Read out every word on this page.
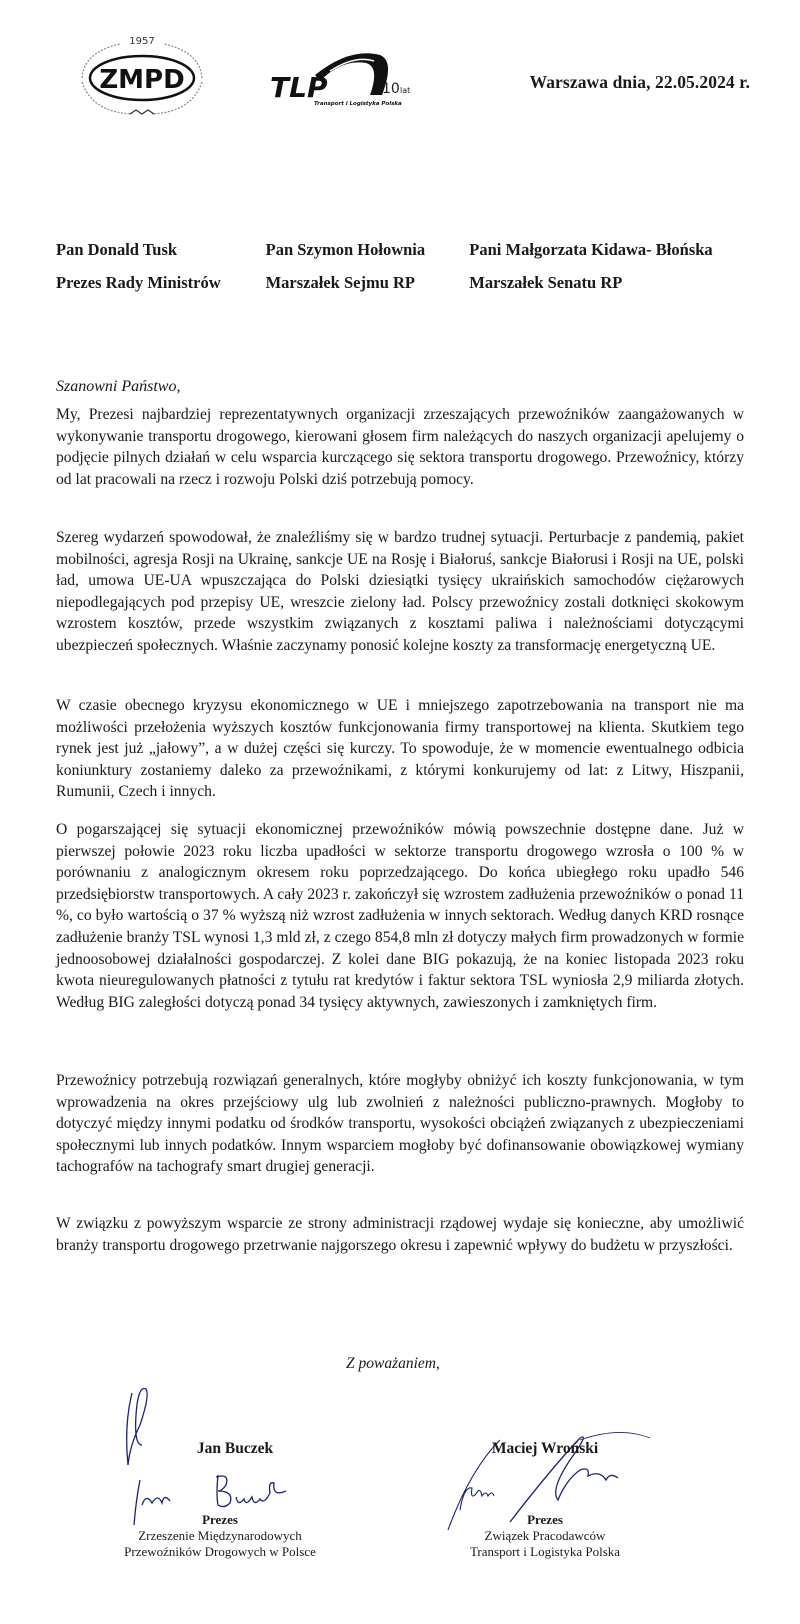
1957
ZMPD	TLP	10 lat
Transport i Logistyka Polska
Warszawa dnia, 22.05.2024 r.
Pan Donald Tusk
Prezes Rady Ministrów
Pan Szymon Hołownia
Marszałek Sejmu RP
Pani Małgorzata Kidawa- Błońska
Marszałek Senatu RP
Szanowni Państwo,

My, Prezesi najbardziej reprezentatywnych organizacji zrzeszających przewoźników zaangażowanych w wykonywanie transportu drogowego, kierowani głosem firm należących do naszych organizacji apelujemy o podjęcie pilnych działań w celu wsparcia kurczącego się sektora transportu drogowego. Przewoźnicy, którzy od lat pracowali na rzecz i rozwoju Polski dziś potrzebują pomocy.

Szereg wydarzeń spowodował, że znaleźliśmy się w bardzo trudnej sytuacji. Perturbacje z pandemią, pakiet mobilności, agresja Rosji na Ukrainę, sankcje UE na Rosję i Białoruś, sankcje Białorusi i Rosji na UE, polski ład, umowa UE-UA wpuszczająca do Polski dziesiątki tysięcy ukraińskich samochodów ciężarowych niepodlegających pod przepisy UE, wreszcie zielony ład. Polscy przewoźnicy zostali dotknięci skokowym wzrostem kosztów, przede wszystkim związanych z kosztami paliwa i należnościami dotyczącymi ubezpieczeń społecznych. Właśnie zaczynamy ponosić kolejne koszty za transformację energetyczną UE.

W czasie obecnego kryzysu ekonomicznego w UE i mniejszego zapotrzebowania na transport nie ma możliwości przełożenia wyższych kosztów funkcjonowania firmy transportowej na klienta. Skutkiem tego rynek jest już „jałowy”, a w dużej części się kurczy. To spowoduje, że w momencie ewentualnego odbicia koniunktury zostaniemy daleko za przewoźnikami, z którymi konkurujemy od lat: z Litwy, Hiszpanii, Rumunii, Czech i innych.

O pogarszającej się sytuacji ekonomicznej przewoźników mówią powszechnie dostępne dane. Już w pierwszej połowie 2023 roku liczba upadłości w sektorze transportu drogowego wzrosła o 100 % w porównaniu z analogicznym okresem roku poprzedzającego. Do końca ubiegłego roku upadło 546 przedsiębiorstw transportowych. A cały 2023 r. zakończył się wzrostem zadłużenia przewoźników o ponad 11 %, co było wartością o 37 % wyższą niż wzrost zadłużenia w innych sektorach. Według danych KRD rosnące zadłużenie branży TSL wynosi 1,3 mld zł, z czego 854,8 mln zł dotyczy małych firm prowadzonych w formie jednoosobowej działalności gospodarczej. Z kolei dane BIG pokazują, że na koniec listopada 2023 roku kwota nieuregulowanych płatności z tytułu rat kredytów i faktur sektora TSL wyniosła 2,9 miliarda złotych. Według BIG zaległości dotyczą ponad 34 tysięcy aktywnych, zawieszonych i zamkniętych firm.

Przewoźnicy potrzebują rozwiązań generalnych, które mogłyby obniżyć ich koszty funkcjonowania, w tym wprowadzenia na okres przejściowy ulg lub zwolnień z należności publiczno-prawnych. Mogłoby to dotyczyć między innymi podatku od środków transportu, wysokości obciążeń związanych z ubezpieczeniami społecznymi lub innych podatków. Innym wsparciem mogłoby być dofinansowanie obowiązkowej wymiany tachografów na tachografy smart drugiej generacji.

W związku z powyższym wsparcie ze strony administracji rządowej wydaje się konieczne, aby umożliwić branży transportu drogowego przetrwanie najgorszego okresu i zapewnić wpływy do budżetu w przyszłości.

Z poważaniem,
Jan Buczek
Prezes
Zrzeszenie Międzynarodowych
Przewoźników Drogowych w Polsce
Maciej Wroński
Prezes
Związek Pracodawców
Transport i Logistyka Polska
